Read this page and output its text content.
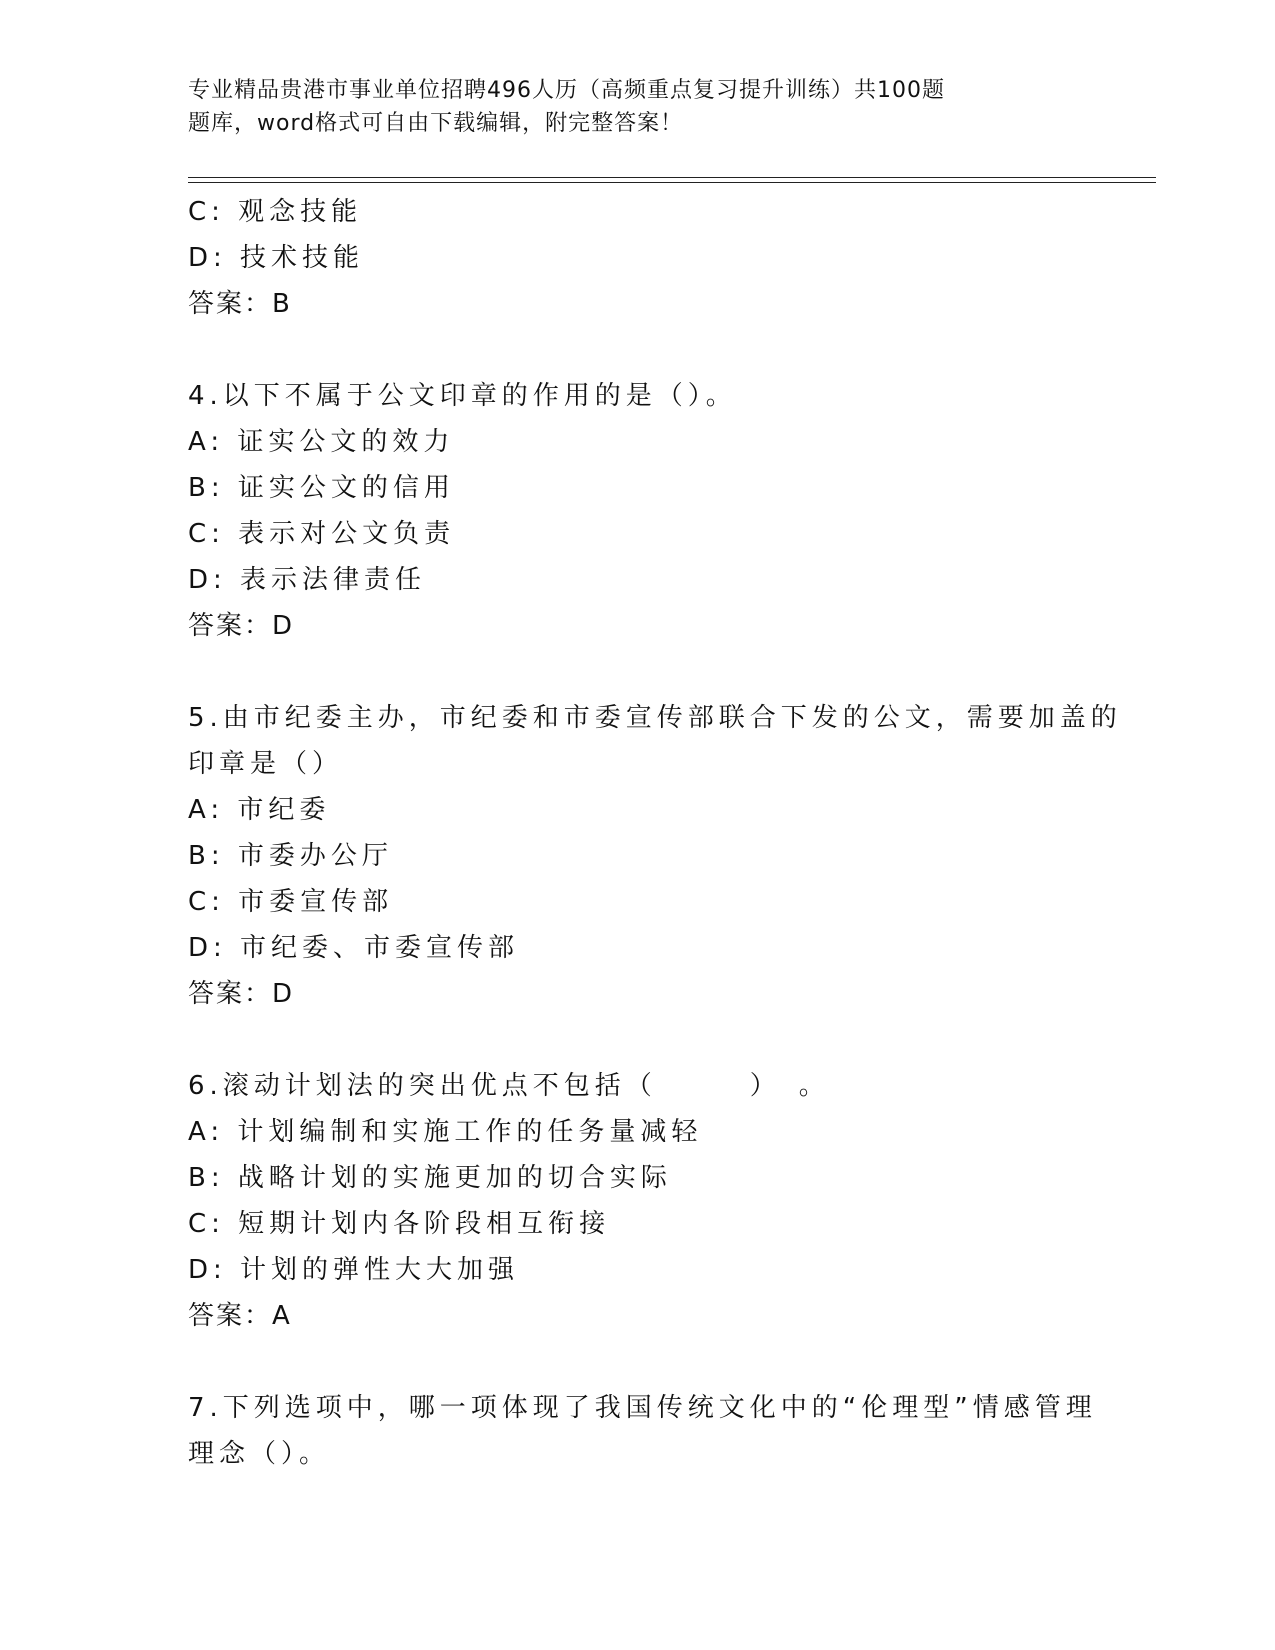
专业精品贵港市事业单位招聘496人历（高频重点复习提升训练）共100题
题库，word格式可自由下载编辑，附完整答案！
C: 观念技能
D: 技术技能
答案：B
4.以下不属于公文印章的作用的是（）。
A: 证实公文的效力
B: 证实公文的信用
C: 表示对公文负责
D: 表示法律责任
答案：D
5.由市纪委主办，市纪委和市委宣传部联合下发的公文，需要加盖的
印章是（）
A: 市纪委
B: 市委办公厅
C: 市委宣传部
D: 市纪委、市委宣传部
答案：D
6.滚动计划法的突出优点不包括（　　　）　。
A: 计划编制和实施工作的任务量减轻
B: 战略计划的实施更加的切合实际
C: 短期计划内各阶段相互衔接
D: 计划的弹性大大加强
答案：A
7.下列选项中，哪一项体现了我国传统文化中的“伦理型”情感管理
理念（）。
